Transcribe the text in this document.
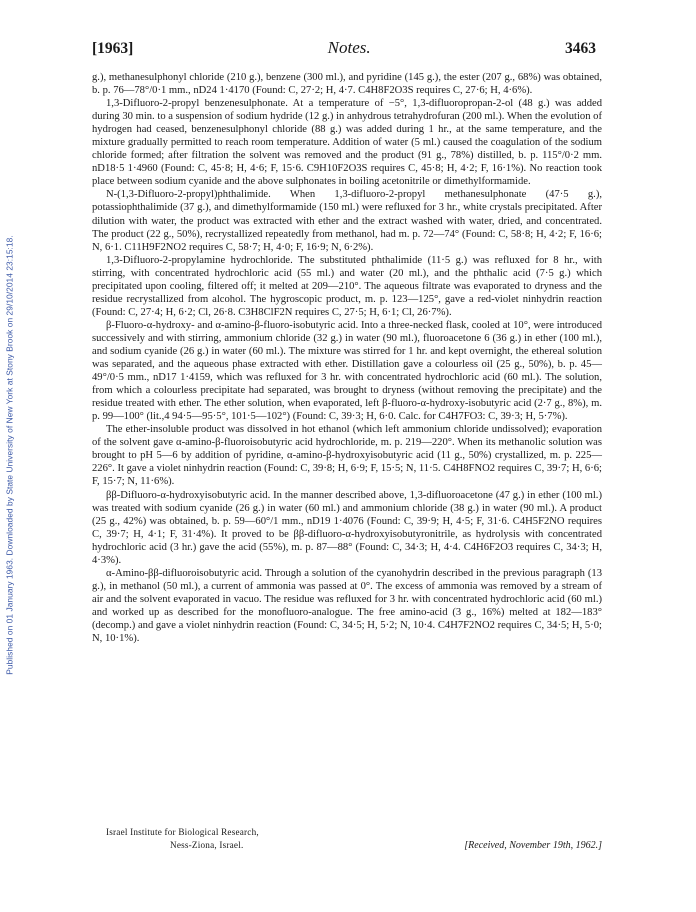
Published on 01 January 1963. Downloaded by State University of New York at Stony Brook on 29/10/2014 23:15:18.
[1963]	Notes.	3463

g.), methanesulphonyl chloride (210 g.), benzene (300 ml.), and pyridine (145 g.), the ester (207 g., 68%) was obtained, b. p. 76—78°/0·1 mm., nD24 1·4170 (Found: C, 27·2; H, 4·7. C4H8F2O3S requires C, 27·6; H, 4·6%).

1,3-Difluoro-2-propyl benzenesulphonate. At a temperature of −5°, 1,3-difluoropropan-2-ol (48 g.) was added during 30 min. to a suspension of sodium hydride (12 g.) in anhydrous tetrahydrofuran (200 ml.). When the evolution of hydrogen had ceased, benzenesulphonyl chloride (88 g.) was added during 1 hr., at the same temperature, and the mixture gradually permitted to reach room temperature. Addition of water (5 ml.) caused the coagulation of the sodium chloride formed; after filtration the solvent was removed and the product (91 g., 78%) distilled, b. p. 115°/0·2 mm. nD18·5 1·4960 (Found: C, 45·8; H, 4·6; F, 15·6. C9H10F2O3S requires C, 45·8; H, 4·2; F, 16·1%). No reaction took place between sodium cyanide and the above sulphonates in boiling acetonitrile or dimethylformamide.

N-(1,3-Difluoro-2-propyl)phthalimide. When 1,3-difluoro-2-propyl methanesulphonate (47·5 g.), potassiophthalimide (37 g.), and dimethylformamide (150 ml.) were refluxed for 3 hr., white crystals precipitated. After dilution with water, the product was extracted with ether and the extract washed with water, dried, and concentrated. The product (22 g., 50%), recrystallized repeatedly from methanol, had m. p. 72—74° (Found: C, 58·8; H, 4·2; F, 16·6; N, 6·1. C11H9F2NO2 requires C, 58·7; H, 4·0; F, 16·9; N, 6·2%).

1,3-Difluoro-2-propylamine hydrochloride. The substituted phthalimide (11·5 g.) was refluxed for 8 hr., with stirring, with concentrated hydrochloric acid (55 ml.) and water (20 ml.), and the phthalic acid (7·5 g.) which precipitated upon cooling, filtered off; it melted at 209—210°. The aqueous filtrate was evaporated to dryness and the residue recrystallized from alcohol. The hygroscopic product, m. p. 123—125°, gave a red-violet ninhydrin reaction (Found: C, 27·4; H, 6·2; Cl, 26·8. C3H8ClF2N requires C, 27·5; H, 6·1; Cl, 26·7%).

β-Fluoro-α-hydroxy- and α-amino-β-fluoro-isobutyric acid. Into a three-necked flask, cooled at 10°, were introduced successively and with stirring, ammonium chloride (32 g.) in water (90 ml.), fluoroacetone 6 (36 g.) in ether (100 ml.), and sodium cyanide (26 g.) in water (60 ml.). The mixture was stirred for 1 hr. and kept overnight, the ethereal solution was separated, and the aqueous phase extracted with ether. Distillation gave a colourless oil (25 g., 50%), b. p. 45—49°/0·5 mm., nD17 1·4159, which was refluxed for 3 hr. with concentrated hydrochloric acid (60 ml.). The solution, from which a colourless precipitate had separated, was brought to dryness (without removing the precipitate) and the residue treated with ether. The ether solution, when evaporated, left β-fluoro-α-hydroxy-isobutyric acid (2·7 g., 8%), m. p. 99—100° (lit.,4 94·5—95·5°, 101·5—102°) (Found: C, 39·3; H, 6·0. Calc. for C4H7FO3: C, 39·3; H, 5·7%).

The ether-insoluble product was dissolved in hot ethanol (which left ammonium chloride undissolved); evaporation of the solvent gave α-amino-β-fluoroisobutyric acid hydrochloride, m. p. 219—220°. When its methanolic solution was brought to pH 5—6 by addition of pyridine, α-amino-β-hydroxyisobutyric acid (11 g., 50%) crystallized, m. p. 225—226°. It gave a violet ninhydrin reaction (Found: C, 39·8; H, 6·9; F, 15·5; N, 11·5. C4H8FNO2 requires C, 39·7; H, 6·6; F, 15·7; N, 11·6%).

ββ-Difluoro-α-hydroxyisobutyric acid. In the manner described above, 1,3-difluoroacetone (47 g.) in ether (100 ml.) was treated with sodium cyanide (26 g.) in water (60 ml.) and ammonium chloride (38 g.) in water (90 ml.). A product (25 g., 42%) was obtained, b. p. 59—60°/1 mm., nD19 1·4076 (Found: C, 39·9; H, 4·5; F, 31·6. C4H5F2NO requires C, 39·7; H, 4·1; F, 31·4%). It proved to be ββ-difluoro-α-hydroxyisobutyronitrile, as hydrolysis with concentrated hydrochloric acid (3 hr.) gave the acid (55%), m. p. 87—88° (Found: C, 34·3; H, 4·4. C4H6F2O3 requires C, 34·3; H, 4·3%).

α-Amino-ββ-difluoroisobutyric acid. Through a solution of the cyanohydrin described in the previous paragraph (13 g.), in methanol (50 ml.), a current of ammonia was passed at 0°. The excess of ammonia was removed by a stream of air and the solvent evaporated in vacuo. The residue was refluxed for 3 hr. with concentrated hydrochloric acid (60 ml.) and worked up as described for the monofluoro-analogue. The free amino-acid (3 g., 16%) melted at 182—183° (decomp.) and gave a violet ninhydrin reaction (Found: C, 34·5; H, 5·2; N, 10·4. C4H7F2NO2 requires C, 34·5; H, 5·0; N, 10·1%).

Israel Institute for Biological Research,
Ness-Ziona, Israel.	[Received, November 19th, 1962.]
